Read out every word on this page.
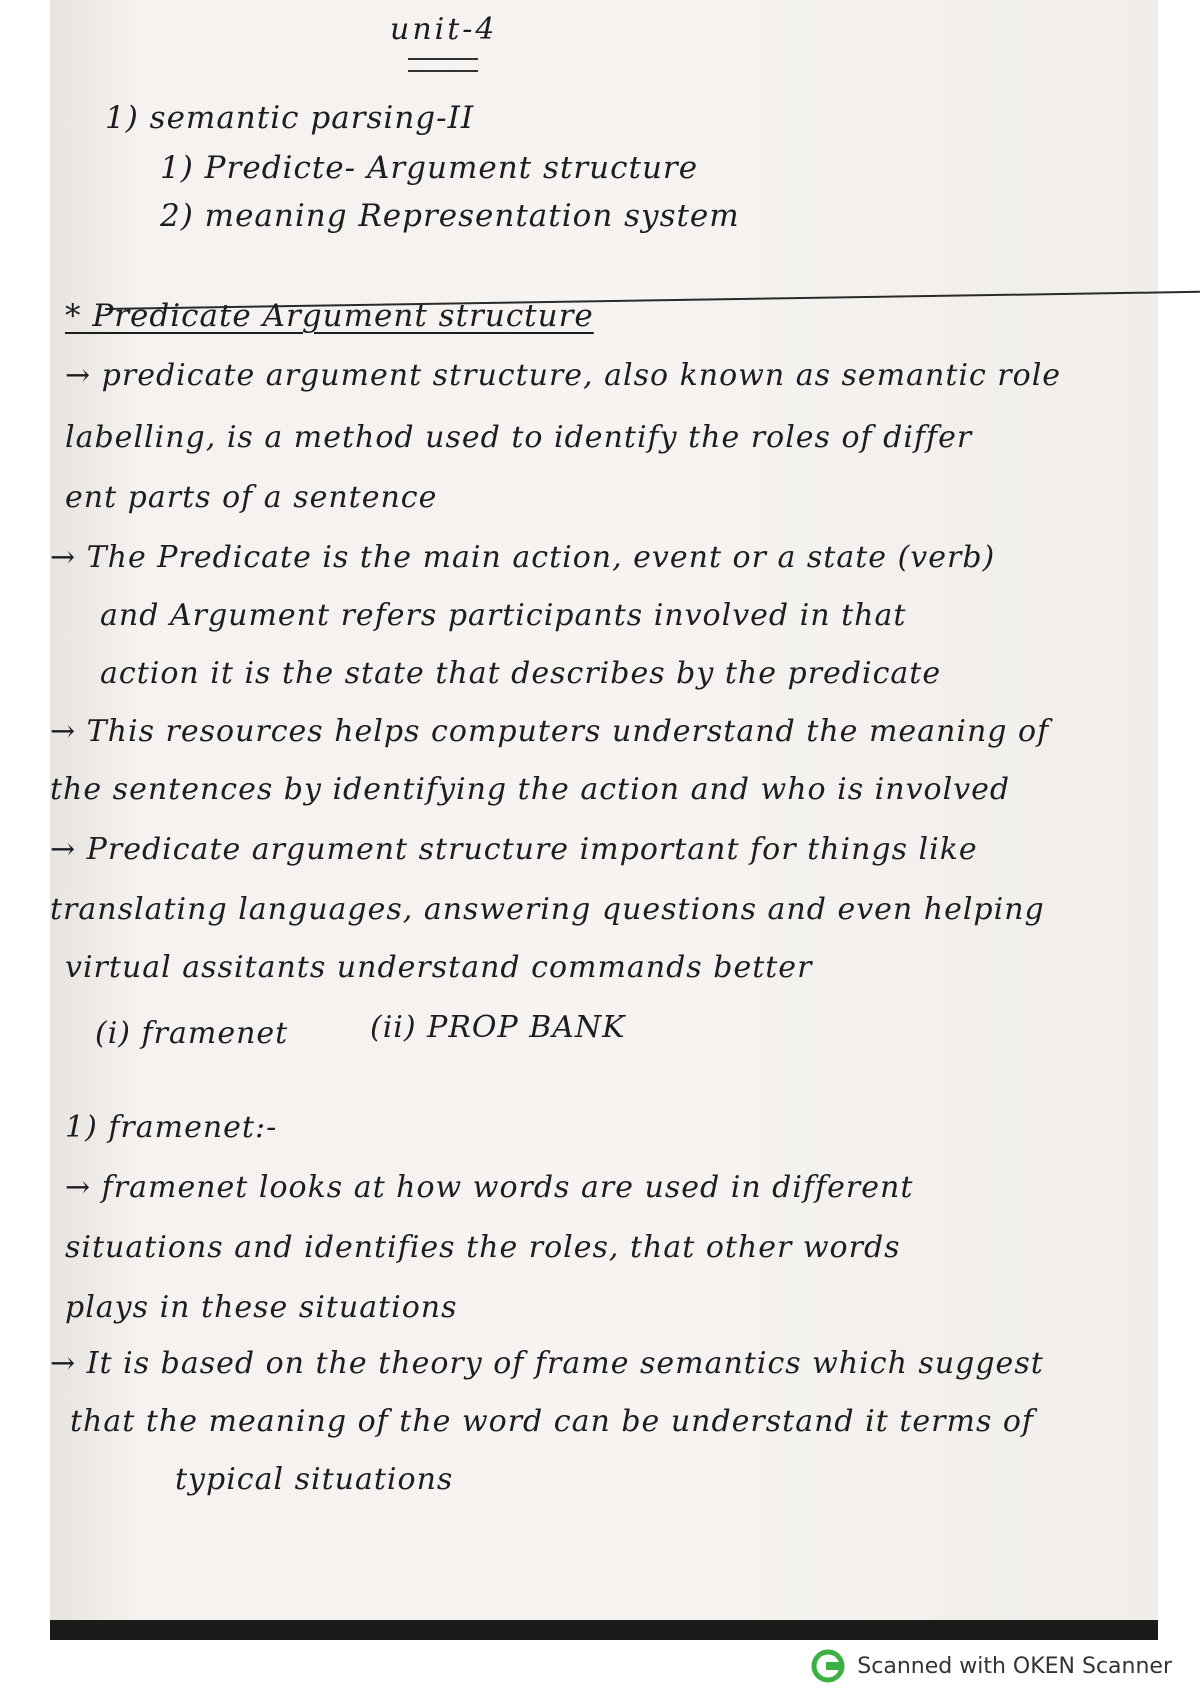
unit-4
1) semantic parsing-II
1) Predicte- Argument structure
2) meaning Representation system
* Predicate Argument structure
→ predicate argument structure, also known as semantic role
labelling, is a method used to identify the roles of differ
ent parts of a sentence
→ The Predicate is the main action, event or a state (verb)
and Argument refers participants involved in that
action it is the state that describes by the predicate
→ This resources helps computers understand the meaning of
the sentences by identifying the action and who is involved
→ Predicate argument structure important for things like
translating languages, answering questions and even helping
virtual assitants understand commands better
(i) framenet	(ii) PROP BANK
1) framenet:-
→ framenet looks at how words are used in different
situations and identifies the roles, that other words
plays in these situations
→ It is based on the theory of frame semantics which suggest
that the meaning of the word can be understand it terms of
typical situations
Scanned with OKEN Scanner
